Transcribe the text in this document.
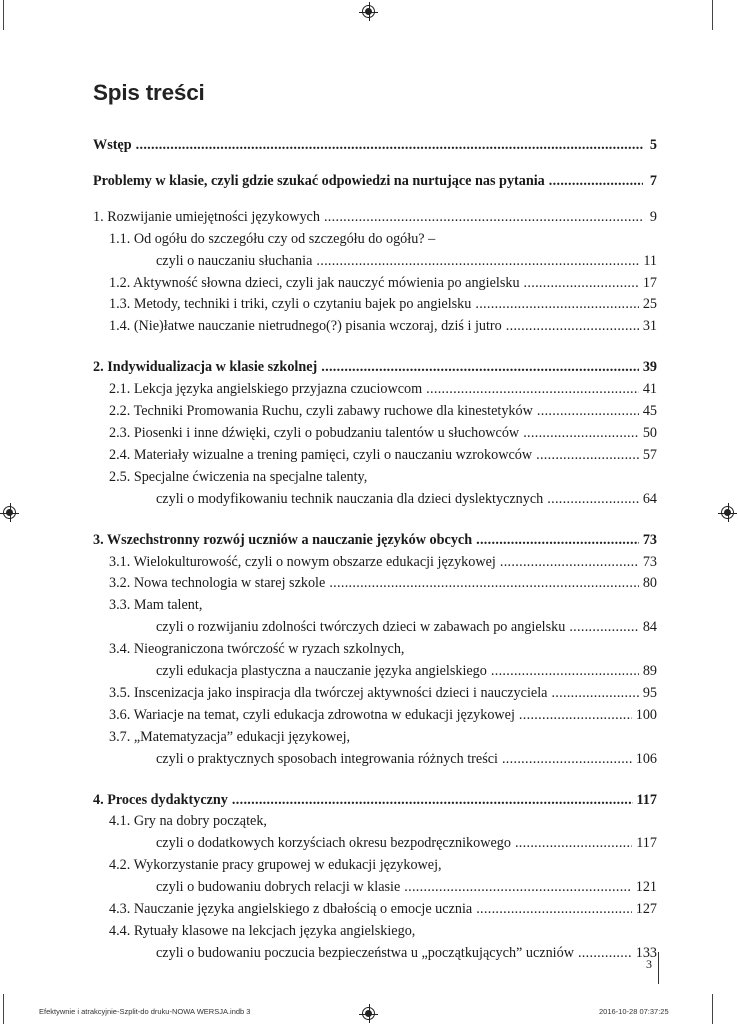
Spis treści
Wstęp .....	5
Problemy w klasie, czyli gdzie szukać odpowiedzi na nurtujące nas pytania .....	7
1. Rozwijanie umiejętności językowych .....	9
1.1. Od ogółu do szczegółu czy od szczegółu do ogółu? –
czyli o nauczaniu słuchania .....	11
1.2. Aktywność słowna dzieci, czyli jak nauczyć mówienia po angielsku .....	17
1.3. Metody, techniki i triki, czyli o czytaniu bajek po angielsku .....	25
1.4. (Nie)łatwe nauczanie nietrudnego(?) pisania wczoraj, dziś i jutro .....	31
2. Indywidualizacja w klasie szkolnej .....	39
2.1. Lekcja języka angielskiego przyjazna czuciowcom .....	41
2.2. Techniki Promowania Ruchu, czyli zabawy ruchowe dla kinestetyków .....	45
2.3. Piosenki i inne dźwięki, czyli o pobudzaniu talentów u słuchowców .....	50
2.4. Materiały wizualne a trening pamięci, czyli o nauczaniu wzrokowców .....	57
2.5. Specjalne ćwiczenia na specjalne talenty,
czyli o modyfikowaniu technik nauczania dla dzieci dyslektycznych .....	64
3. Wszechstronny rozwój uczniów a nauczanie języków obcych .....	73
3.1. Wielokulturowość, czyli o nowym obszarze edukacji językowej .....	73
3.2. Nowa technologia w starej szkole .....	80
3.3. Mam talent,
czyli o rozwijaniu zdolności twórczych dzieci w zabawach po angielsku .....	84
3.4. Nieograniczona twórczość w ryzach szkolnych,
czyli edukacja plastyczna a nauczanie języka angielskiego .....	89
3.5. Inscenizacja jako inspiracja dla twórczej aktywności dzieci i nauczyciela .....	95
3.6. Wariacje na temat, czyli edukacja zdrowotna w edukacji językowej .....	100
3.7. „Matematyzacja” edukacji językowej,
czyli o praktycznych sposobach integrowania różnych treści .....	106
4. Proces dydaktyczny .....	117
4.1. Gry na dobry początek,
czyli o dodatkowych korzyściach okresu bezpodręcznikowego .....	117
4.2. Wykorzystanie pracy grupowej w edukacji językowej,
czyli o budowaniu dobrych relacji w klasie .....	121
4.3. Nauczanie języka angielskiego z dbałością o emocje ucznia .....	127
4.4. Rytuały klasowe na lekcjach języka angielskiego,
czyli o budowaniu poczucia bezpieczeństwa u „początkujących” uczniów .....	133
3
Efektywnie i atrakcyjnie-Szplit-do druku-NOWA WERSJA.indb 3	2016-10-28 07:37:25
